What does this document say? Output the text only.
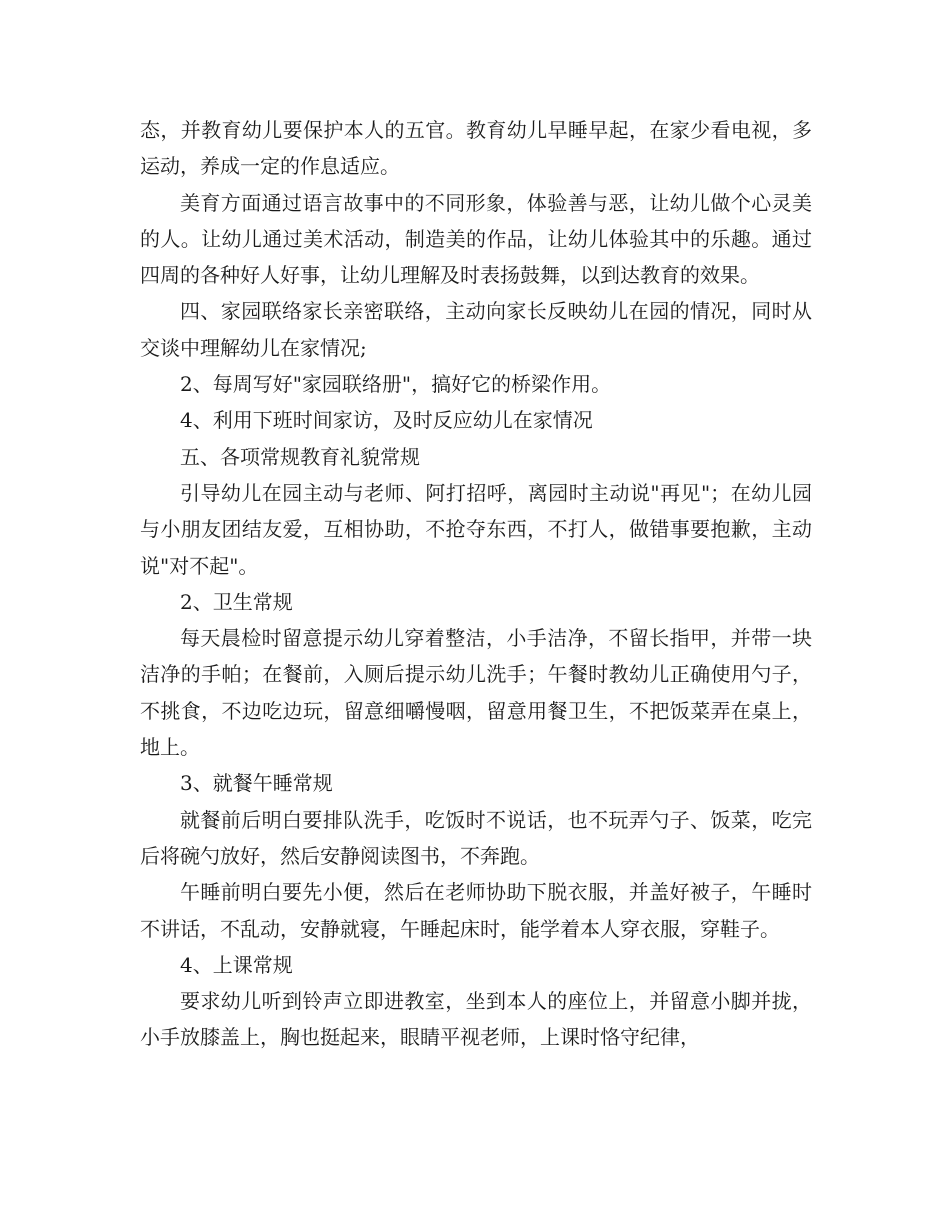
态，并教育幼儿要保护本人的五官。教育幼儿早睡早起，在家少看电视，多运动，养成一定的作息适应。

美育方面通过语言故事中的不同形象，体验善与恶，让幼儿做个心灵美的人。让幼儿通过美术活动，制造美的作品，让幼儿体验其中的乐趣。通过四周的各种好人好事，让幼儿理解及时表扬鼓舞，以到达教育的效果。

四、家园联络家长亲密联络，主动向家长反映幼儿在园的情况，同时从交谈中理解幼儿在家情况;

2、每周写好"家园联络册"，搞好它的桥梁作用。

4、利用下班时间家访，及时反应幼儿在家情况

五、各项常规教育礼貌常规

引导幼儿在园主动与老师、阿打招呼，离园时主动说"再见"；在幼儿园与小朋友团结友爱，互相协助，不抢夺东西，不打人，做错事要抱歉，主动说"对不起"。

2、卫生常规

每天晨检时留意提示幼儿穿着整洁，小手洁净，不留长指甲，并带一块洁净的手帕；在餐前，入厕后提示幼儿洗手；午餐时教幼儿正确使用勺子，不挑食，不边吃边玩，留意细嚼慢咽，留意用餐卫生，不把饭菜弄在桌上，地上。

3、就餐午睡常规

就餐前后明白要排队洗手，吃饭时不说话，也不玩弄勺子、饭菜，吃完后将碗勺放好，然后安静阅读图书，不奔跑。

午睡前明白要先小便，然后在老师协助下脱衣服，并盖好被子，午睡时不讲话，不乱动，安静就寝，午睡起床时，能学着本人穿衣服，穿鞋子。

4、上课常规

要求幼儿听到铃声立即进教室，坐到本人的座位上，并留意小脚并拢，小手放膝盖上，胸也挺起来，眼睛平视老师，上课时恪守纪律，
